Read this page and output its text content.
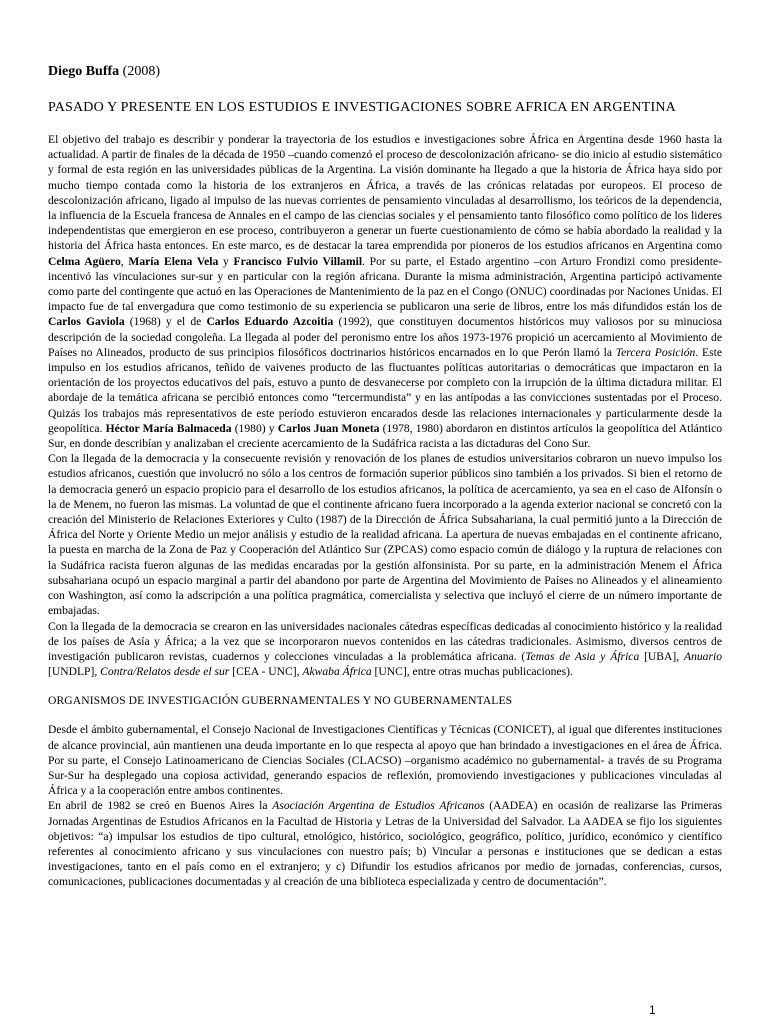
Diego Buffa (2008)

PASADO Y PRESENTE EN LOS ESTUDIOS E INVESTIGACIONES SOBRE AFRICA EN ARGENTINA

El objetivo del trabajo es describir y ponderar la trayectoria de los estudios e investigaciones sobre África en Argentina desde 1960 hasta la actualidad. A partir de finales de la década de 1950 –cuando comenzó el proceso de descolonización africano- se dio inicio al estudio sistemático y formal de esta región en las universidades públicas de la Argentina. La visión dominante ha llegado a que la historia de África haya sido por mucho tiempo contada como la historia de los extranjeros en África, a través de las crónicas relatadas por europeos. El proceso de descolonización africano, ligado al impulso de las nuevas corrientes de pensamiento vinculadas al desarrollismo, los teóricos de la dependencia, la influencia de la Escuela francesa de Annales en el campo de las ciencias sociales y el pensamiento tanto filosófico como político de los lideres independentistas que emergieron en ese proceso, contribuyeron a generar un fuerte cuestionamiento de cómo se había abordado la realidad y la historia del África hasta entonces. En este marco, es de destacar la tarea emprendida por pioneros de los estudios africanos en Argentina como Celma Agüero, María Elena Vela y Francisco Fulvio Villamil. Por su parte, el Estado argentino –con Arturo Frondizi como presidente- incentivó las vinculaciones sur-sur y en particular con la región africana. Durante la misma administración, Argentina participó activamente como parte del contingente que actuó en las Operaciones de Mantenimiento de la paz en el Congo (ONUC) coordinadas por Naciones Unidas. El impacto fue de tal envergadura que como testimonio de su experiencia se publicaron una serie de libros, entre los más difundidos están los de Carlos Gaviola (1968) y el de Carlos Eduardo Azcoitia (1992), que constituyen documentos históricos muy valiosos por su minuciosa descripción de la sociedad congoleña. La llegada al poder del peronismo entre los años 1973-1976 propició un acercamiento al Movimiento de Países no Alineados, producto de sus principios filosóficos doctrinarios históricos encarnados en lo que Perón llamó la Tercera Posición. Este impulso en los estudios africanos, teñido de vaivenes producto de las fluctuantes políticas autoritarias o democráticas que impactaron en la orientación de los proyectos educativos del país, estuvo a punto de desvanecerse por completo con la irrupción de la última dictadura militar. El abordaje de la temática africana se percibió entonces como “tercermundista” y en las antípodas a las convicciones sustentadas por el Proceso. Quizás los trabajos más representativos de este período estuvieron encarados desde las relaciones internacionales y particularmente desde la geopolítica. Héctor María Balmaceda (1980) y Carlos Juan Moneta (1978, 1980) abordaron en distintos artículos la geopolítica del Atlántico Sur, en donde describían y analizaban el creciente acercamiento de la Sudáfrica racista a las dictaduras del Cono Sur.

Con la llegada de la democracia y la consecuente revisión y renovación de los planes de estudios universitarios cobraron un nuevo impulso los estudios africanos, cuestión que involucró no sólo a los centros de formación superior públicos sino también a los privados. Si bien el retorno de la democracia generó un espacio propicio para el desarrollo de los estudios africanos, la política de acercamiento, ya sea en el caso de Alfonsín o la de Menem, no fueron las mismas. La voluntad de que el continente africano fuera incorporado a la agenda exterior nacional se concretó con la creación del Ministerio de Relaciones Exteriores y Culto (1987) de la Dirección de África Subsahariana, la cual permitió junto a la Dirección de África del Norte y Oriente Medio un mejor análisis y estudio de la realidad africana. La apertura de nuevas embajadas en el continente africano, la puesta en marcha de la Zona de Paz y Cooperación del Atlántico Sur (ZPCAS) como espacio común de diálogo y la ruptura de relaciones con la Sudáfrica racista fueron algunas de las medidas encaradas por la gestión alfonsinista. Por su parte, en la administración Menem el África subsahariana ocupó un espacio marginal a partir del abandono por parte de Argentina del Movimiento de Países no Alineados y el alineamiento con Washington, así como la adscripción a una política pragmática, comercialista y selectiva que incluyó el cierre de un número importante de embajadas.

Con la llegada de la democracia se crearon en las universidades nacionales cátedras específicas dedicadas al conocimiento histórico y la realidad de los países de Asía y África; a la vez que se incorporaron nuevos contenidos en las cátedras tradicionales. Asimismo, diversos centros de investigación publicaron revistas, cuadernos y colecciones vinculadas a la problemática africana. (Temas de Asia y África [UBA], Anuario [UNDLP], Contra/Relatos desde el sur [CEA - UNC], Akwaba África [UNC], entre otras muchas publicaciones).

ORGANISMOS DE INVESTIGACIÓN GUBERNAMENTALES Y NO GUBERNAMENTALES

Desde el ámbito gubernamental, el Consejo Nacional de Investigaciones Científicas y Técnicas (CONICET), al igual que diferentes instituciones de alcance provincial, aún mantienen una deuda importante en lo que respecta al apoyo que han brindado a investigaciones en el área de África. Por su parte, el Consejo Latinoamericano de Ciencias Sociales (CLACSO) –organismo académico no gubernamental- a través de su Programa Sur-Sur ha desplegado una copiosa actividad, generando espacios de reflexión, promoviendo investigaciones y publicaciones vinculadas al África y a la cooperación entre ambos continentes.

En abril de 1982 se creó en Buenos Aires la Asociación Argentina de Estudios Africanos (AADEA) en ocasión de realizarse las Primeras Jornadas Argentinas de Estudios Africanos en la Facultad de Historia y Letras de la Universidad del Salvador. La AADEA se fijo los siguientes objetivos: “a) impulsar los estudios de tipo cultural, etnológico, histórico, sociológico, geográfico, político, jurídico, económico y científico referentes al conocimiento africano y sus vinculaciones con nuestro país; b) Vincular a personas e instituciones que se dedican a estas investigaciones, tanto en el país como en el extranjero; y c) Difundir los estudios africanos por medio de jornadas, conferencias, cursos, comunicaciones, publicaciones documentadas y al creación de una biblioteca especializada y centro de documentación”.

1
